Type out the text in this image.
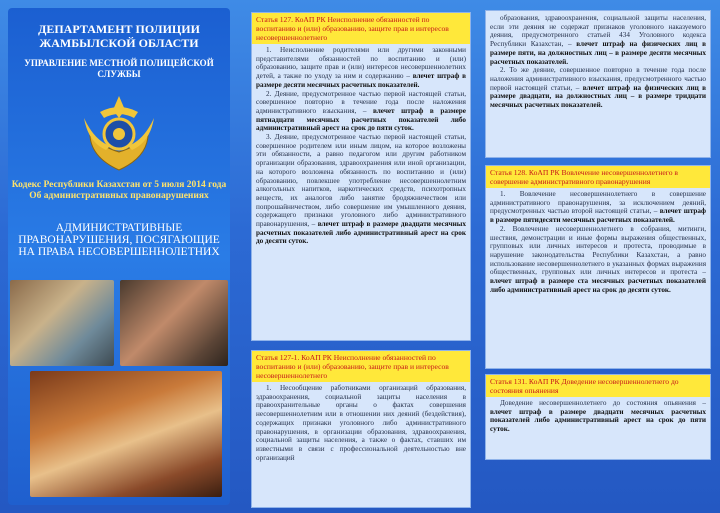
ДЕПАРТАМЕНТ ПОЛИЦИИ ЖАМБЫЛСКОЙ ОБЛАСТИ
УПРАВЛЕНИЕ МЕСТНОЙ ПОЛИЦЕЙСКОЙ СЛУЖБЫ
Кодекс Республики Казахстан от 5 июля 2014 года Об административных правонарушениях
АДМИНИСТРАТИВНЫЕ ПРАВОНАРУШЕНИЯ, ПОСЯГАЮЩИЕ НА ПРАВА НЕСОВЕРШЕННОЛЕТНИХ
Статья 127. КоАП РК Неисполнение обязанностей по воспитанию и (или) образованию, защите прав и интересов несовершеннолетнего

1. Неисполнение родителями или другими законными представителями обязанностей по воспитанию и (или) образованию, защите прав и (или) интересов несовершеннолетних детей, а также по уходу за ним и содержанию – влечет штраф в размере десяти месячных расчетных показателей.

2. Деяние, предусмотренное частью первой настоящей статьи, совершенное повторно в течение года после наложения административного взыскания, – влечет штраф в размере пятнадцати месячных расчетных показателей либо административный арест на срок до пяти суток.

3. Деяние, предусмотренное частью первой настоящей статьи, совершенное родителем или иным лицом, на которое возложены эти обязанности, а равно педагогом или другим работником организации образования, здравоохранения или иной организации, на которого возложена обязанность по воспитанию и (или) образованию, повлекшее употребление несовершеннолетним алкогольных напитков, наркотических средств, психотропных веществ, их аналогов либо занятие бродяжничеством или попрошайничеством, либо совершение им умышленного деяния, содержащего признаки уголовного либо административного правонарушения, – влечет штраф в размере двадцати месячных расчетных показателей либо административный арест на срок до десяти суток.

Статья 127-1. КоАП РК Неисполнение обязанностей по воспитанию и (или) образованию, защите прав и интересов несовершеннолетнего

1. Несообщение работниками организаций образования, здравоохранения, социальной защиты населения в правоохранительные органы о фактах совершения несовершеннолетним или в отношении них деяний (бездействия), содержащих признаки уголовного либо административного правонарушения, в организации образования, здравоохранения, социальной защиты населения, а также о фактах, ставших им известными в связи с профессиональной деятельностью вне организаций

образования, здравоохранения, социальной защиты населения, если эти деяния не содержат признаков уголовного наказуемого деяния, предусмотренного статьей 434 Уголовного кодекса Республики Казахстан, – влечет штраф на физических лиц в размере пяти, на должностных лиц – в размере десяти месячных расчетных показателей.

2. То же деяние, совершенное повторно в течение года после наложения административного взыскания, предусмотренного частью первой настоящей статьи, – влечет штраф на физических лиц в размере двадцати, на должностных лиц – в размере тридцати месячных расчетных показателей.

Статья 128. КоАП РК Вовлечение несовершеннолетнего в совершение административного правонарушения

1. Вовлечение несовершеннолетнего в совершение административного правонарушения, за исключением деяний, предусмотренных частью второй настоящей статьи, – влечет штраф в размере пятидесяти месячных расчетных показателей.

2. Вовлечение несовершеннолетнего в собрания, митинги, шествия, демонстрации и иные формы выражения общественных, групповых или личных интересов и протеста, проводимые в нарушение законодательства Республики Казахстан, а равно использование несовершеннолетнего в указанных формах выражения общественных, групповых или личных интересов и протеста – влечет штраф в размере ста месячных расчетных показателей либо административный арест на срок до десяти суток.

Статья 131. КоАП РК Доведение несовершеннолетнего до состояния опьянения

Доведение несовершеннолетнего до состояния опьянения – влечет штраф в размере двадцати месячных расчетных показателей либо административный арест на срок до пяти суток.
